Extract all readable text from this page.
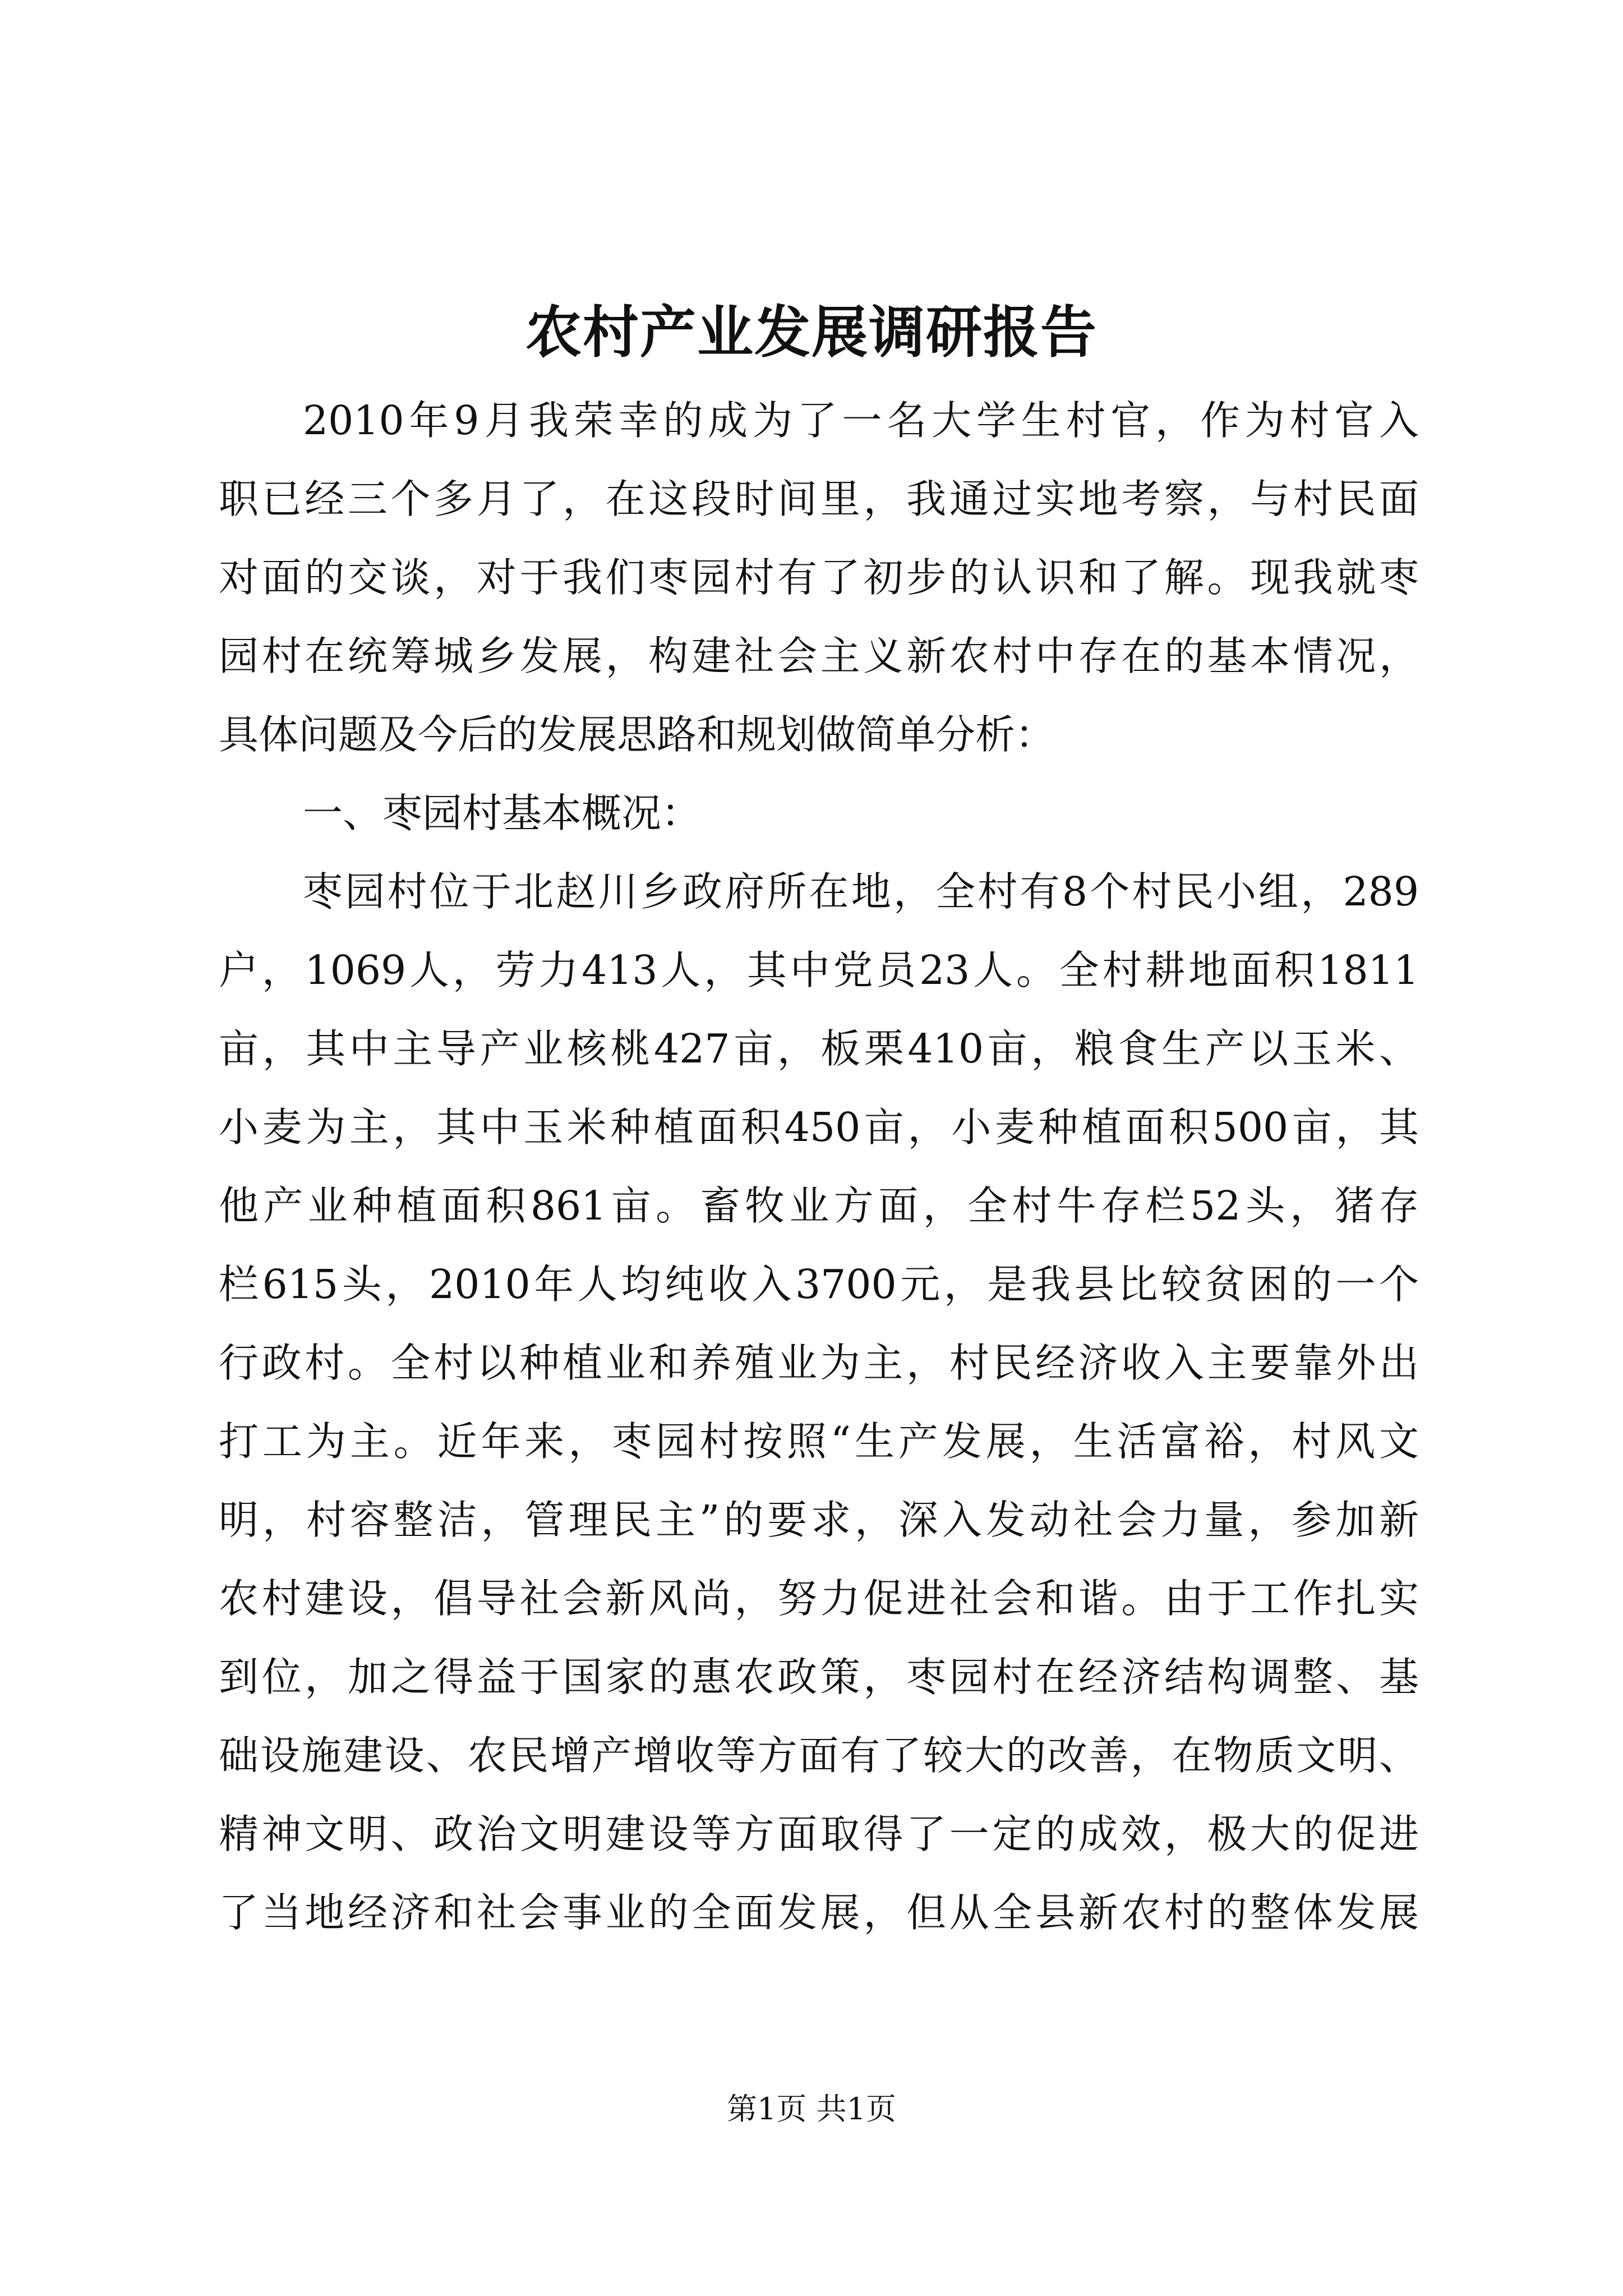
农村产业发展调研报告
2010年9月我荣幸的成为了一名大学生村官，作为村官入
职已经三个多月了，在这段时间里，我通过实地考察，与村民面
对面的交谈，对于我们枣园村有了初步的认识和了解。现我就枣
园村在统筹城乡发展，构建社会主义新农村中存在的基本情况，
具体问题及今后的发展思路和规划做简单分析：
一、枣园村基本概况：
枣园村位于北赵川乡政府所在地，全村有8个村民小组，289
户，1069人，劳力413人，其中党员23人。全村耕地面积1811
亩，其中主导产业核桃427亩，板栗410亩，粮食生产以玉米、
小麦为主，其中玉米种植面积450亩，小麦种植面积500亩，其
他产业种植面积861亩。畜牧业方面，全村牛存栏52头，猪存
栏615头，2010年人均纯收入3700元，是我县比较贫困的一个
行政村。全村以种植业和养殖业为主，村民经济收入主要靠外出
打工为主。近年来，枣园村按照“生产发展，生活富裕，村风文
明，村容整洁，管理民主”的要求，深入发动社会力量，参加新
农村建设，倡导社会新风尚，努力促进社会和谐。由于工作扎实
到位，加之得益于国家的惠农政策，枣园村在经济结构调整、基
础设施建设、农民增产增收等方面有了较大的改善，在物质文明、
精神文明、政治文明建设等方面取得了一定的成效，极大的促进
了当地经济和社会事业的全面发展，但从全县新农村的整体发展
第1页 共1页
